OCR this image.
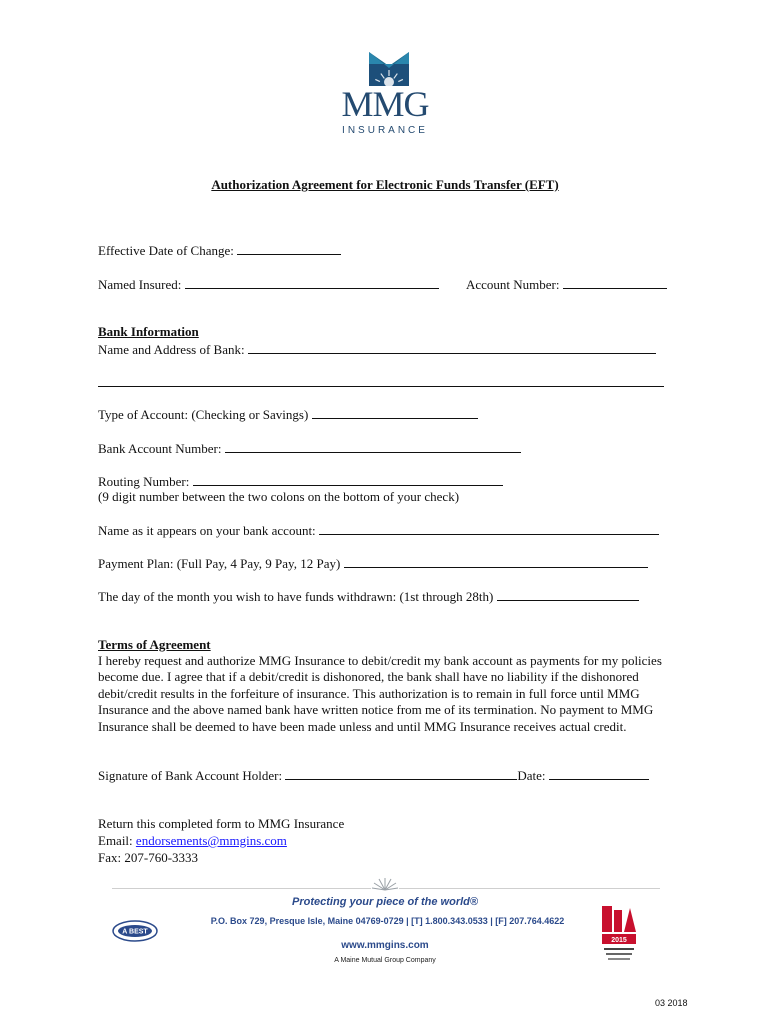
MMG
INSURANCE
Authorization Agreement for Electronic Funds Transfer (EFT)
Effective Date of Change:
Named Insured:	Account Number:
Bank Information
Name and Address of Bank:
Type of Account: (Checking or Savings)
Bank Account Number:
Routing Number:
(9 digit number between the two colons on the bottom of your check)
Name as it appears on your bank account:
Payment Plan: (Full Pay, 4 Pay, 9 Pay, 12 Pay)
The day of the month you wish to have funds withdrawn: (1st through 28th)
Terms of Agreement
I hereby request and authorize MMG Insurance to debit/credit my bank account as payments for my policies become due. I agree that if a debit/credit is dishonored, the bank shall have no liability if the dishonored debit/credit results in the forfeiture of insurance. This authorization is to remain in full force until MMG Insurance and the above named bank have written notice from me of its termination. No payment to MMG Insurance shall be deemed to have been made unless and until MMG Insurance receives actual credit.
Signature of Bank Account Holder:	Date:
Return this completed form to MMG Insurance
Email: endorsements@mmgins.com
Fax: 207-760-3333
Protecting your piece of the world®
A BEST
P.O. Box 729, Presque Isle, Maine 04769-0729 | [T] 1.800.343.0533 | [F] 207.764.4622
www.mmgins.com
A Maine Mutual Group Company
2015
03 2018
